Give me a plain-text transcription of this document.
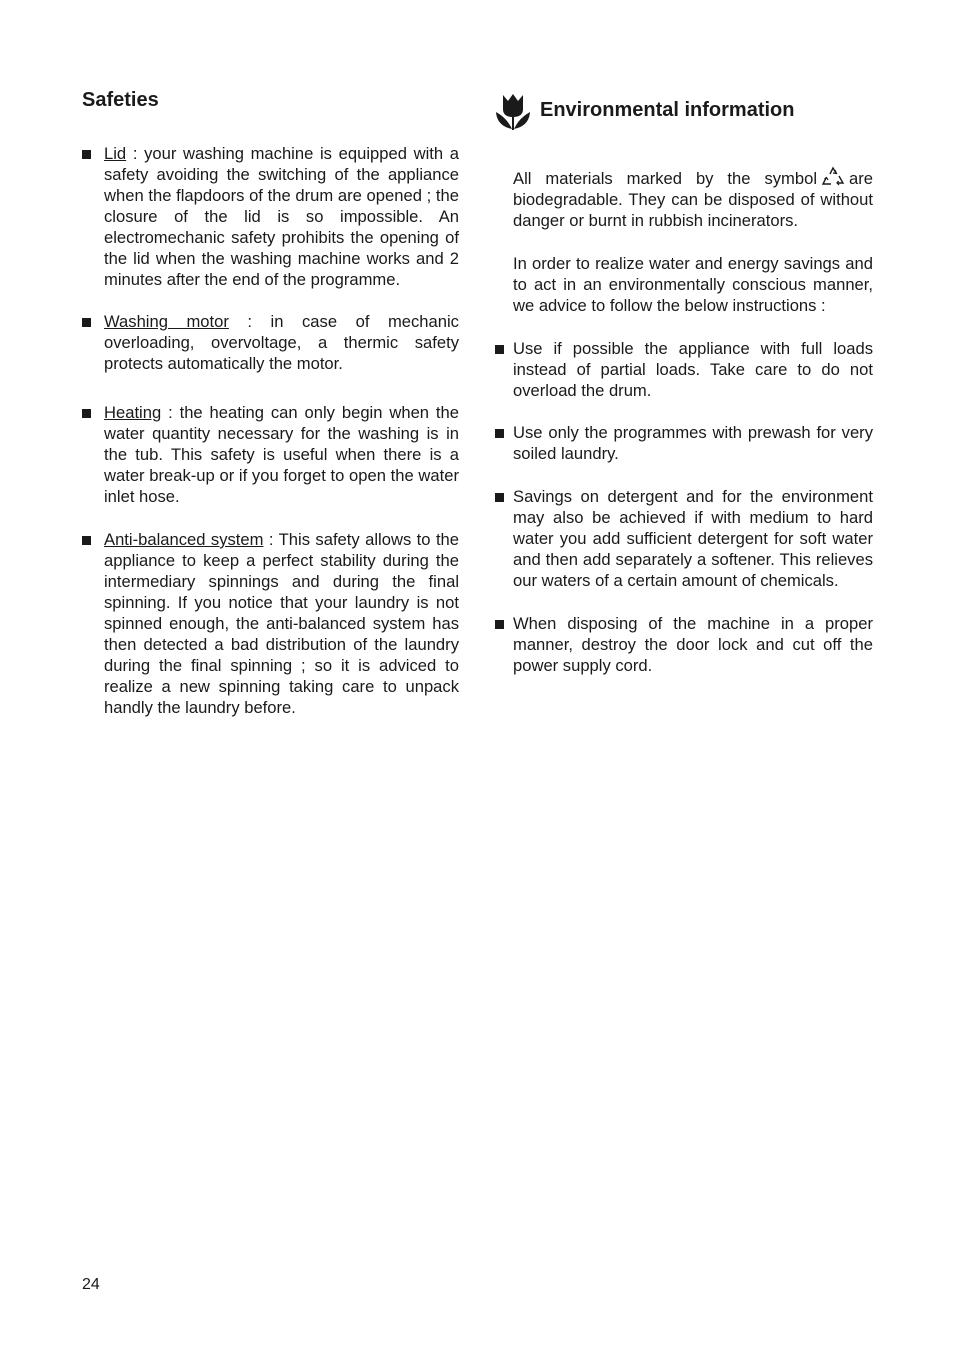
Safeties

Lid : your washing machine is equipped with a safety avoiding the switching of the appliance when the flapdoors of the drum are opened ; the closure of the lid is so impossible. An electromechanic safety prohibits the opening of the lid when the washing machine works and 2 minutes after the end of the programme.

Washing motor : in case of mechanic overloading, overvoltage, a thermic safety protects automatically the motor.

Heating : the heating can only begin when the water quantity necessary for the washing is in the tub. This safety is useful when there is a water break-up or if you forget to open the water inlet hose.

Anti-balanced system : This safety allows to the appliance to keep a perfect stability during the intermediary spinnings and during the final spinning. If you notice that your laundry is not spinned enough, the anti-balanced system has then detected a bad distribution of the laundry during the final spinning ; so it is adviced to realize a new spinning taking care to unpack handly the laundry before.

Environmental information

All materials marked by the symbol are biodegradable. They can be disposed of without danger or burnt in rubbish incinerators.

In order to realize water and energy savings and to act in an environmentally conscious manner, we advice to follow the below instructions :

Use if possible the appliance with full loads instead of partial loads. Take care to do not overload the drum.

Use only the programmes with prewash for very soiled laundry.

Savings on detergent and for the environment may also be achieved if with medium to hard water you add sufficient detergent for soft water and then add separately a softener. This relieves our waters of a certain amount of chemicals.

When disposing of the machine in a proper manner, destroy the door lock and cut off the power supply cord.

24
